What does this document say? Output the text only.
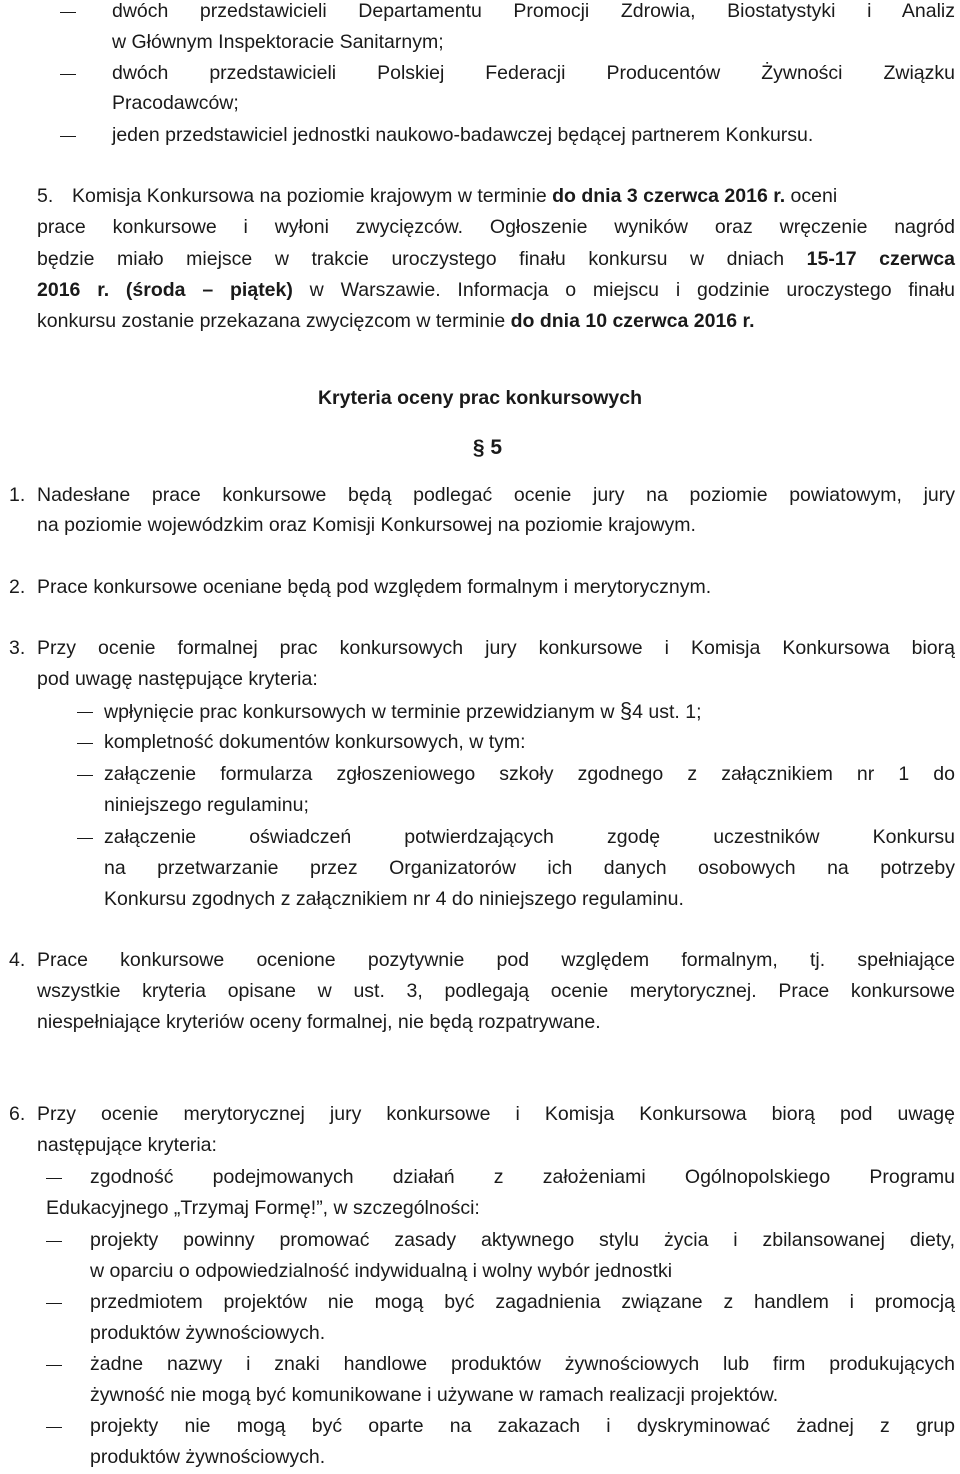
dwóch przedstawicieli Departamentu Promocji Zdrowia, Biostatystyki i Analiz
w Głównym Inspektoracie Sanitarnym;
dwóch przedstawicieli Polskiej Federacji Producentów Żywności Związku
Pracodawców;
jeden przedstawiciel jednostki naukowo-badawczej będącej partnerem Konkursu.
5. Komisja Konkursowa na poziomie krajowym w terminie do dnia 3 czerwca 2016 r. oceni
prace konkursowe i wyłoni zwycięzców. Ogłoszenie wyników oraz wręczenie nagród
będzie miało miejsce w trakcie uroczystego finału konkursu w dniach 15-17 czerwca
2016 r. (środa – piątek) w Warszawie. Informacja o miejscu i godzinie uroczystego finału
konkursu zostanie przekazana zwycięzcom w terminie do dnia 10 czerwca 2016 r.
Kryteria oceny prac konkursowych
§ 5
1. Nadesłane prace konkursowe będą podlegać ocenie jury na poziomie powiatowym, jury
na poziomie wojewódzkim oraz Komisji Konkursowej na poziomie krajowym.
2. Prace konkursowe oceniane będą pod względem formalnym i merytorycznym.
3. Przy ocenie formalnej prac konkursowych jury konkursowe i Komisja Konkursowa biorą
pod uwagę następujące kryteria:
wpłynięcie prac konkursowych w terminie przewidzianym w §4 ust. 1;
kompletność dokumentów konkursowych, w tym:
załączenie formularza zgłoszeniowego szkoły zgodnego z załącznikiem nr 1 do
niniejszego regulaminu;
załączenie oświadczeń potwierdzających zgodę uczestników Konkursu
na przetwarzanie przez Organizatorów ich danych osobowych na potrzeby
Konkursu zgodnych z załącznikiem nr 4 do niniejszego regulaminu.
4. Prace konkursowe ocenione pozytywnie pod względem formalnym, tj. spełniające
wszystkie kryteria opisane w ust. 3, podlegają ocenie merytorycznej. Prace konkursowe
niespełniające kryteriów oceny formalnej, nie będą rozpatrywane.
6. Przy ocenie merytorycznej jury konkursowe i Komisja Konkursowa biorą pod uwagę
następujące kryteria:
zgodność podejmowanych działań z założeniami Ogólnopolskiego Programu
Edukacyjnego „Trzymaj Formę!”, w szczególności:
projekty powinny promować zasady aktywnego stylu życia i zbilansowanej diety,
w oparciu o odpowiedzialność indywidualną i wolny wybór jednostki
przedmiotem projektów nie mogą być zagadnienia związane z handlem i promocją
produktów żywnościowych.
żadne nazwy i znaki handlowe produktów żywnościowych lub firm produkujących
żywność nie mogą być komunikowane i używane w ramach realizacji projektów.
projekty nie mogą być oparte na zakazach i dyskryminować żadnej z grup
produktów żywnościowych.
